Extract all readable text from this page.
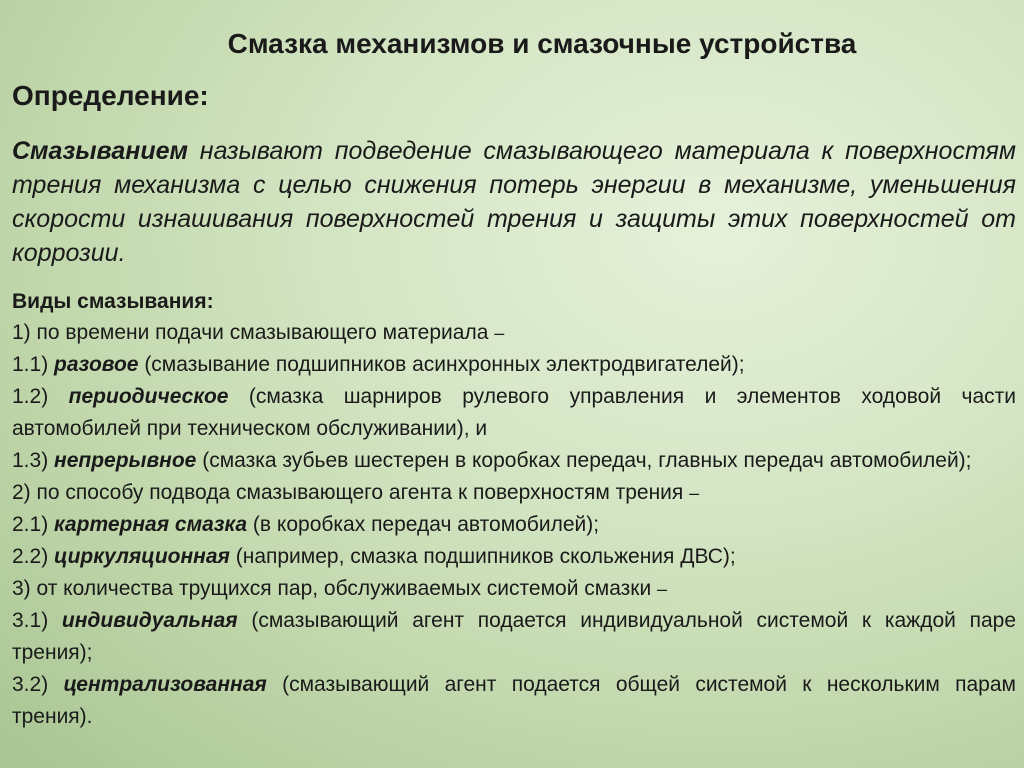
Смазка механизмов и смазочные устройства
Определение:

Смазыванием называют подведение смазывающего материала к поверхностям трения механизма с целью снижения потерь энергии в механизме, уменьшения скорости изнашивания поверхностей трения и защиты этих поверхностей от коррозии.

Виды смазывания:

1) по времени подачи смазывающего материала –

1.1) разовое (смазывание подшипников асинхронных электродвигателей);

1.2) периодическое (смазка шарниров рулевого управления и элементов ходовой части автомобилей при техническом обслуживании), и

1.3) непрерывное (смазка зубьев шестерен в коробках передач, главных передач автомобилей);

2) по способу подвода смазывающего агента к поверхностям трения –

2.1) картерная смазка (в коробках передач автомобилей);

2.2) циркуляционная (например, смазка подшипников скольжения ДВС);

3) от количества трущихся пар, обслуживаемых системой смазки –

3.1) индивидуальная (смазывающий агент подается индивидуальной системой к каждой паре трения);

3.2) централизованная (смазывающий агент подается общей системой к нескольким парам трения).
